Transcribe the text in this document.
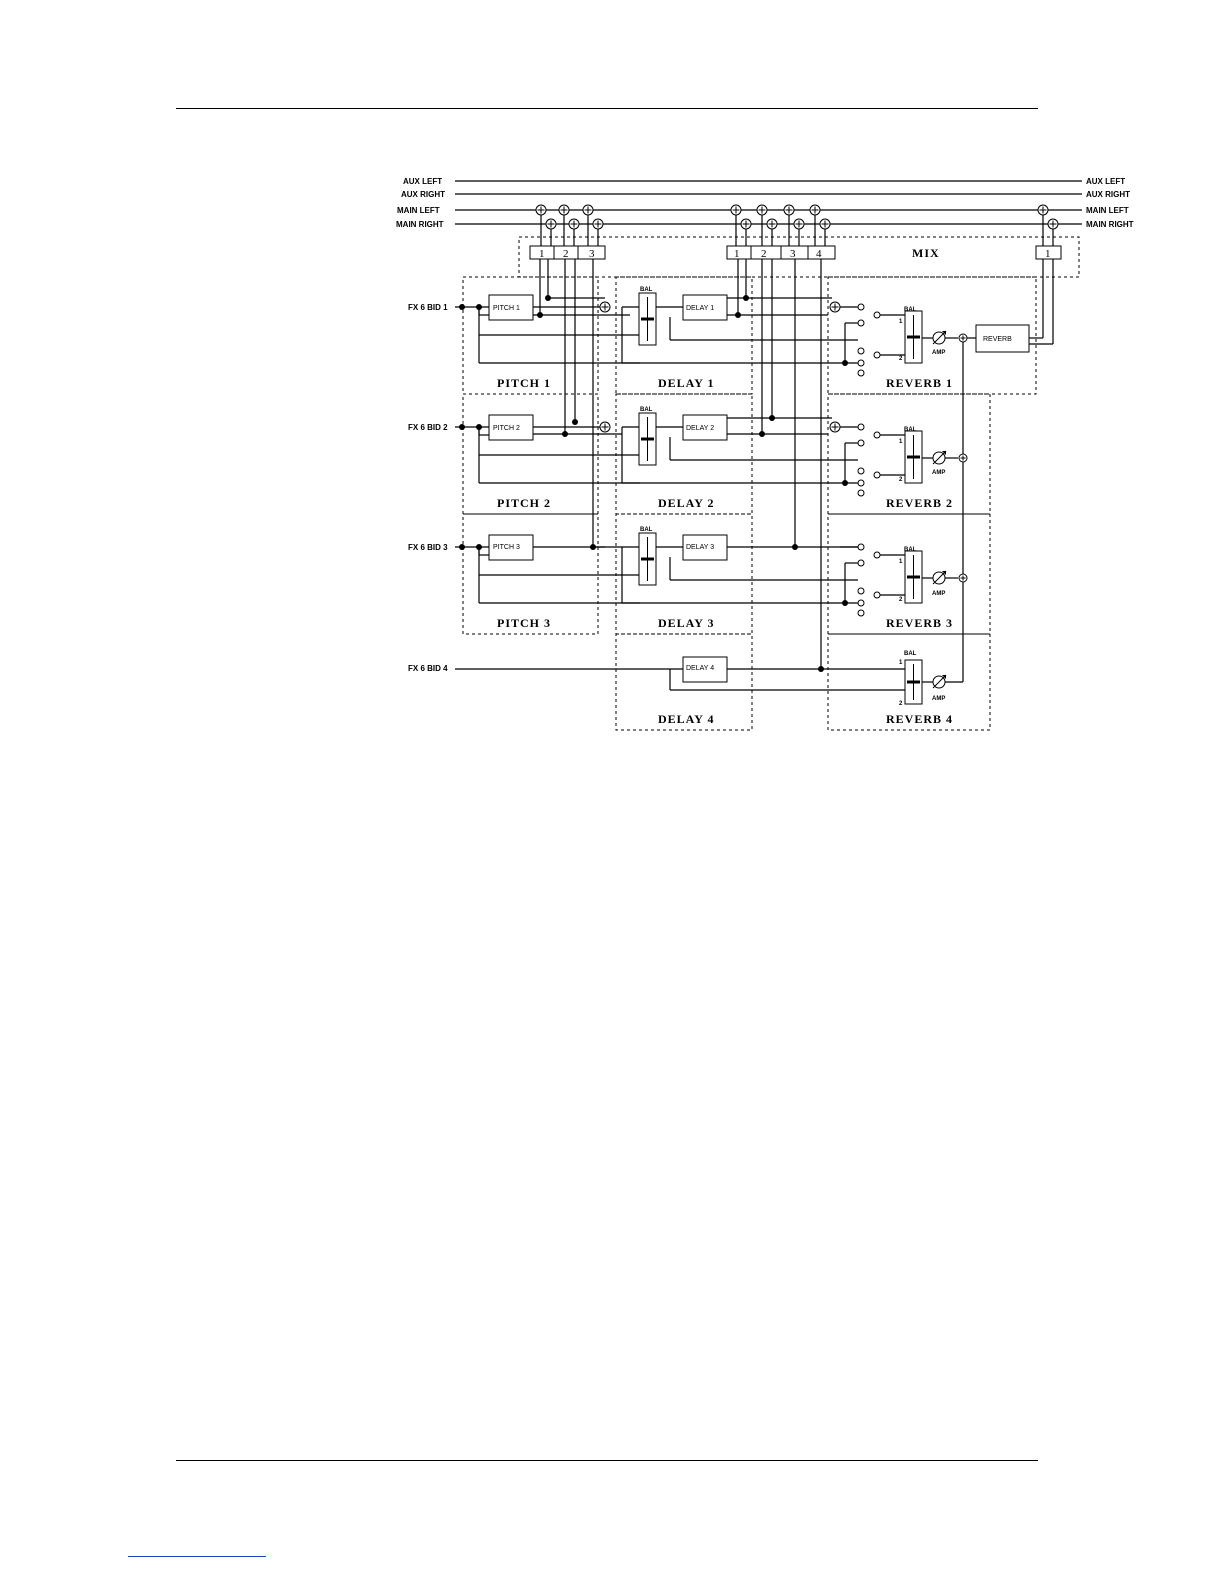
AUX LEFT
AUX RIGHT
MAIN LEFT
MAIN RIGHT
AUX LEFT
AUX RIGHT
MAIN LEFT
MAIN RIGHT
FX 6 BID 1
FX 6 BID 2
FX 6 BID 3
FX 6 BID 4
PITCH 1
PITCH 2
PITCH 3
DELAY 1
DELAY 2
DELAY 3
DELAY 4
REVERB
PITCH 1
PITCH 2
PITCH 3
DELAY 1
DELAY 2
DELAY 3
DELAY 4
REVERB 1
REVERB 2
REVERB 3
REVERB 4
MIX
1 2 3	1 2 3 4	1
BAL
BAL
BAL
BAL
BAL
BAL
BAL
AMP
AMP
AMP
AMP
1
2
1
2
1
2
1
2
